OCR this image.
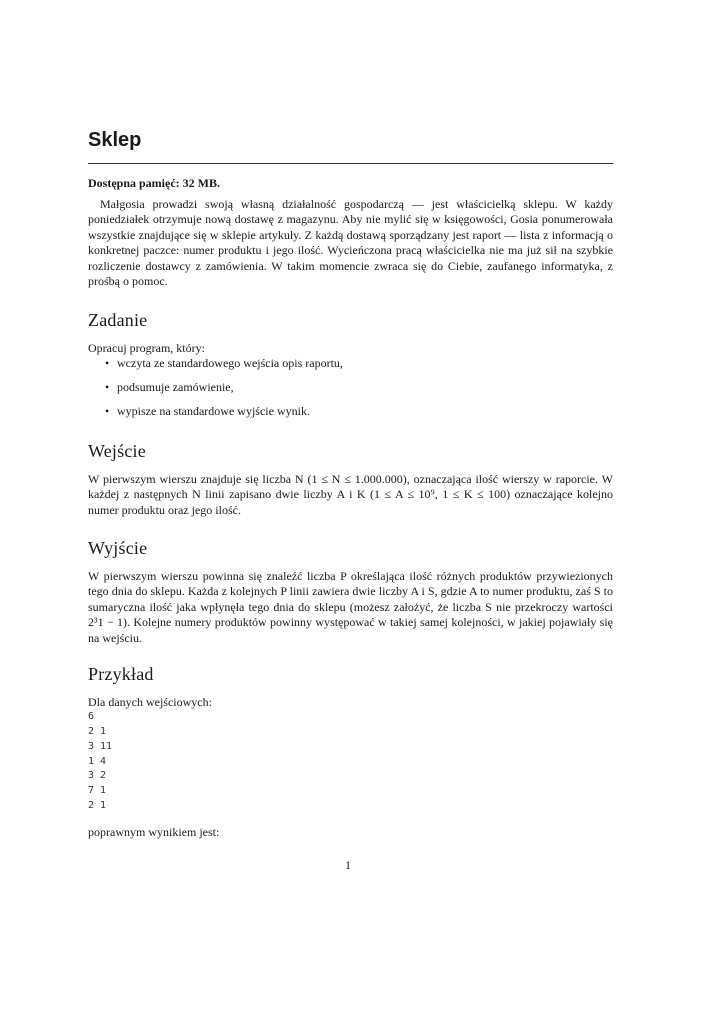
Sklep
Dostępna pamięć: 32 MB.

Małgosia prowadzi swoją własną działalność gospodarczą — jest właścicielką sklepu. W każdy poniedziałek otrzymuje nową dostawę z magazynu. Aby nie mylić się w księgowości, Gosia ponumerowała wszystkie znajdujące się w sklepie artykuły. Z każdą dostawą sporządzany jest raport — lista z informacją o konkretnej paczce: numer produktu i jego ilość. Wycieńczona pracą właścicielka nie ma już sił na szybkie rozliczenie dostawcy z zamówienia. W takim momencie zwraca się do Ciebie, zaufanego informatyka, z prośbą o pomoc.

Zadanie

Opracuj program, który:

• wczyta ze standardowego wejścia opis raportu,
• podsumuje zamówienie,
• wypisze na standardowe wyjście wynik.
Wejście

W pierwszym wierszu znajduje się liczba N (1 ≤ N ≤ 1.000.000), oznaczająca ilość wierszy w raporcie. W każdej z następnych N linii zapisano dwie liczby A i K (1 ≤ A ≤ 10⁹, 1 ≤ K ≤ 100) oznaczające kolejno numer produktu oraz jego ilość.

Wyjście

W pierwszym wierszu powinna się znaleźć liczba P określająca ilość różnych produktów przywiezionych tego dnia do sklepu. Każda z kolejnych P linii zawiera dwie liczby A i S, gdzie A to numer produktu, zaś S to sumaryczna ilość jaka wpłynęła tego dnia do sklepu (możesz założyć, że liczba S nie przekroczy wartości 2³1 − 1). Kolejne numery produktów powinny występować w takiej samej kolejności, w jakiej pojawiały się na wejściu.

Przykład

Dla danych wejściowych:

6
2 1
3 11
1 4
3 2
7 1
2 1

poprawnym wynikiem jest:

1
